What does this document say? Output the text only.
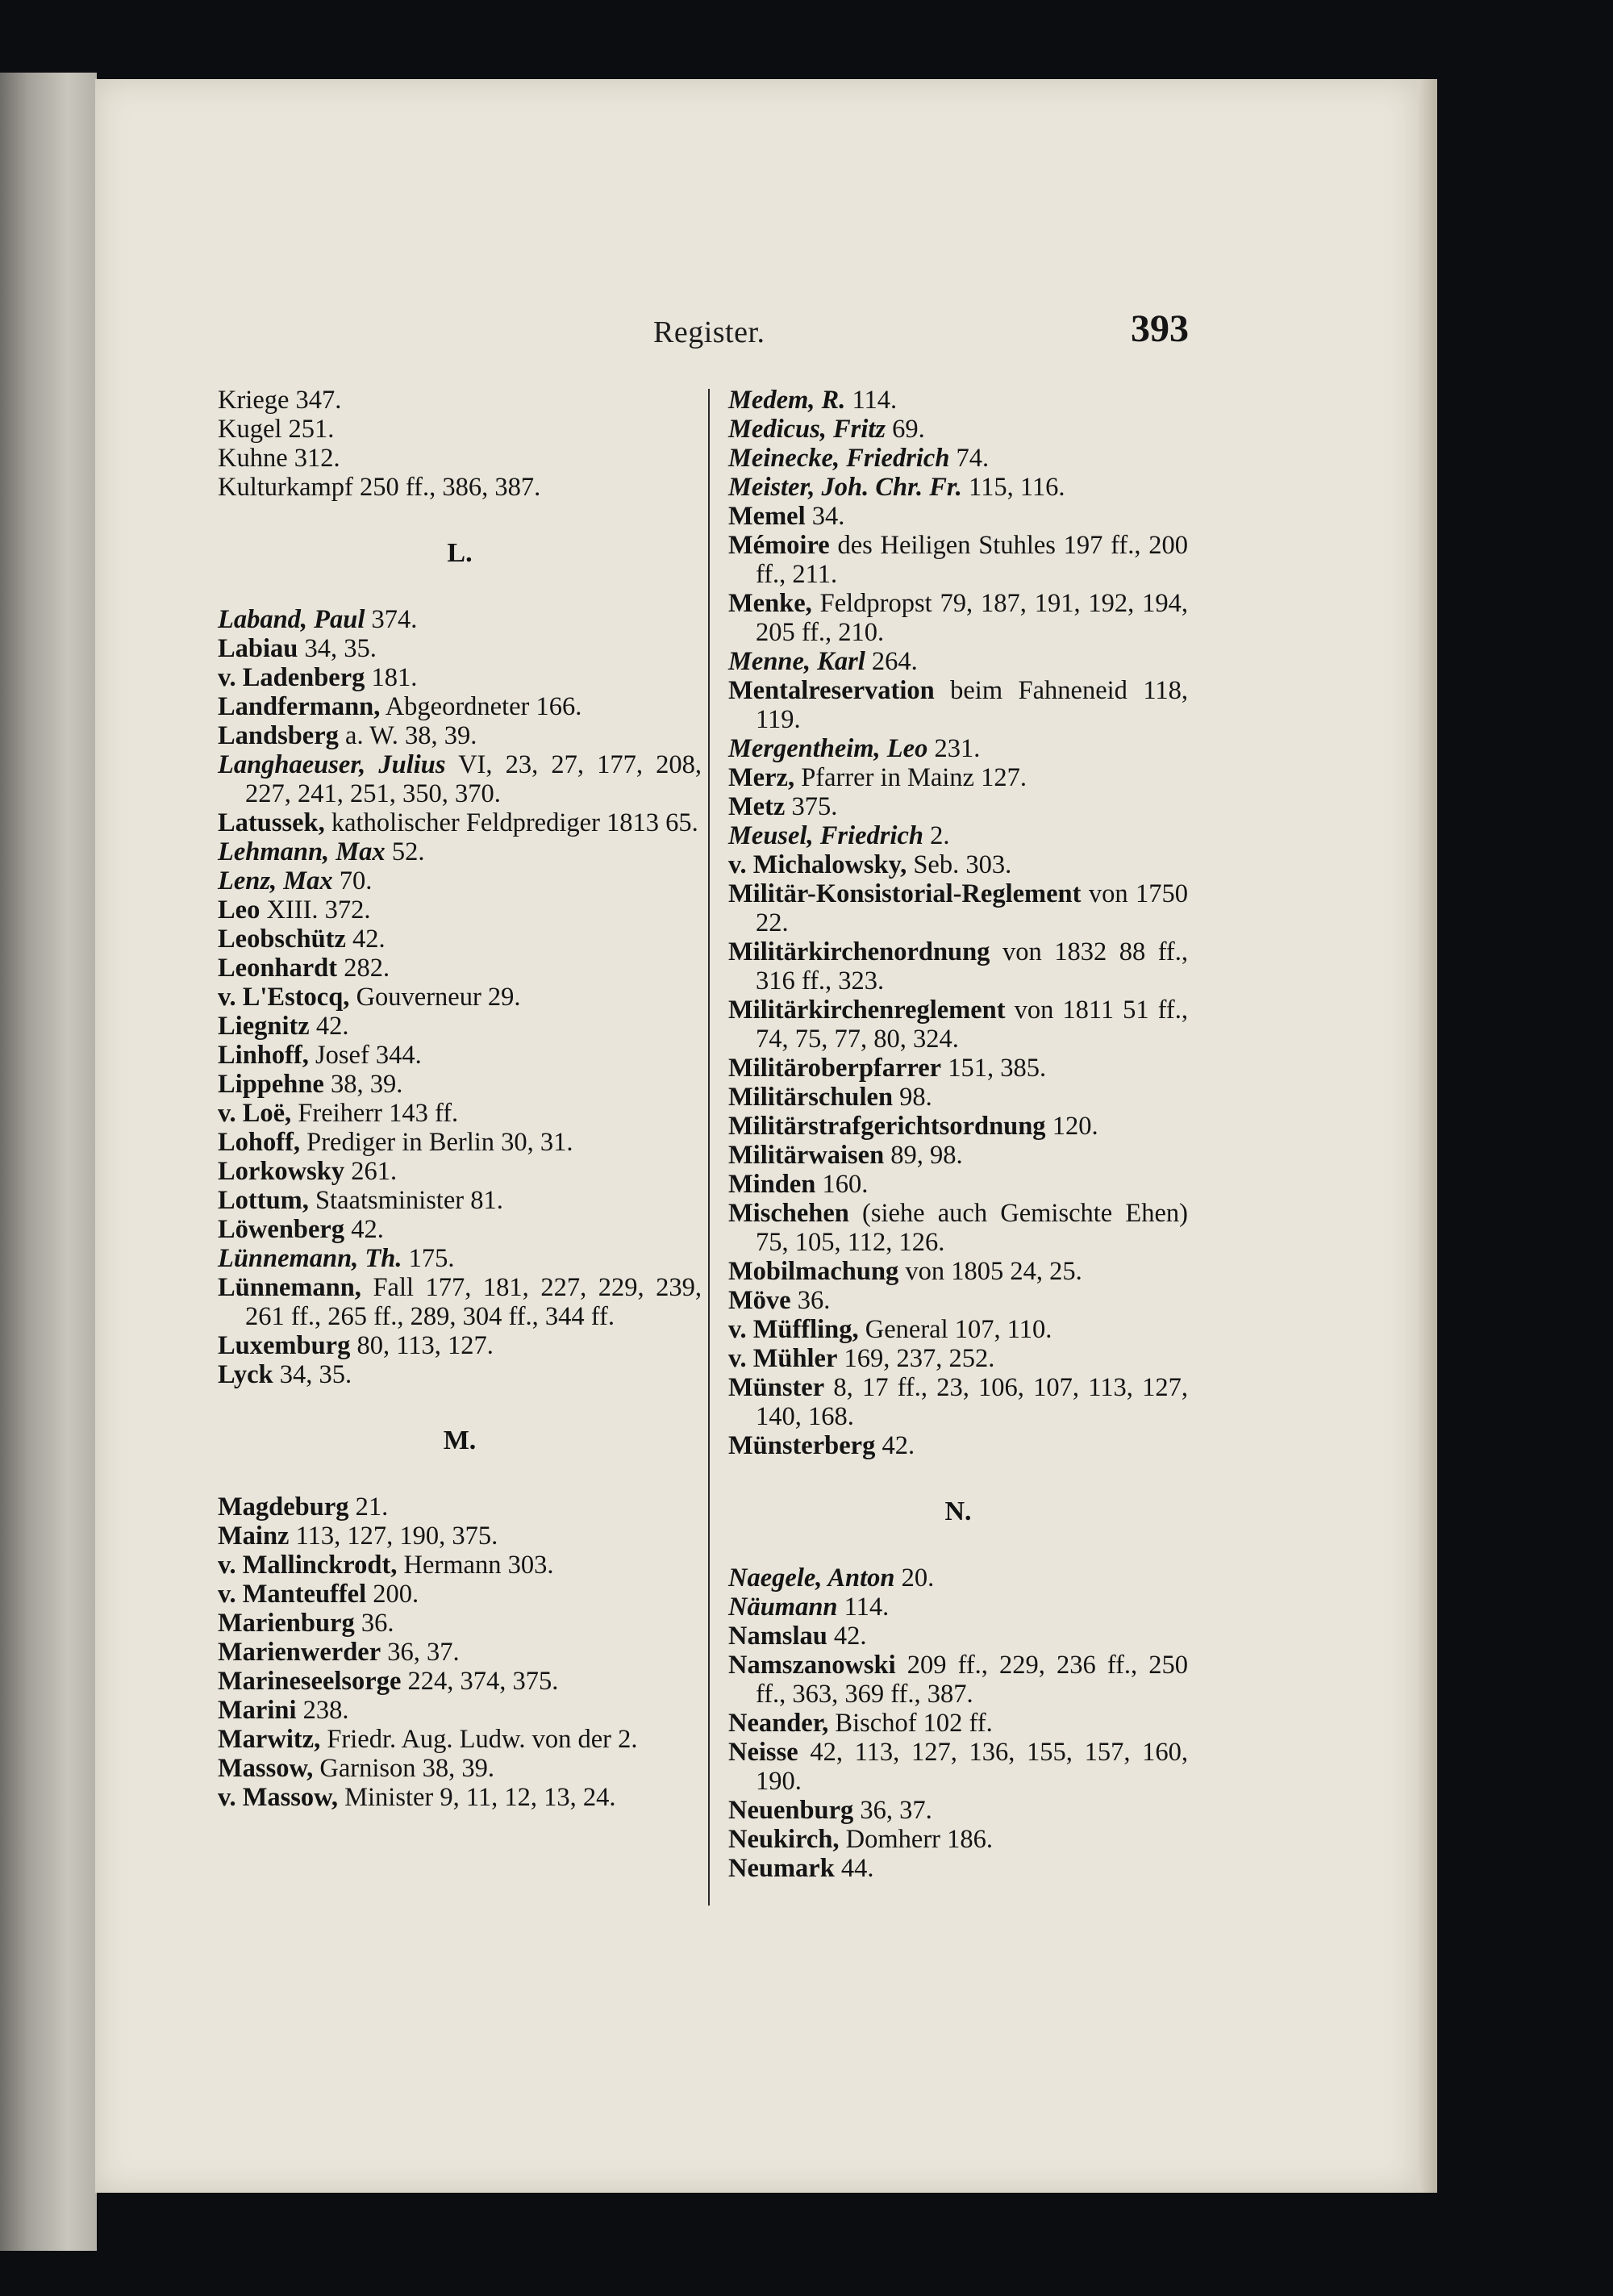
Register.	393
Kriege 347.
Kugel 251.
Kuhne 312.
Kulturkampf 250 ff., 386, 387.
L.
Laband, Paul 374.
Labiau 34, 35.
v. Ladenberg 181.
Landfermann, Abgeordneter 166.
Landsberg a. W. 38, 39.
Langhaeuser, Julius VI, 23, 27, 177, 208, 227, 241, 251, 350, 370.
Latussek, katholischer Feldprediger 1813 65.
Lehmann, Max 52.
Lenz, Max 70.
Leo XIII. 372.
Leobschütz 42.
Leonhardt 282.
v. L'Estocq, Gouverneur 29.
Liegnitz 42.
Linhoff, Josef 344.
Lippehne 38, 39.
v. Loë, Freiherr 143 ff.
Lohoff, Prediger in Berlin 30, 31.
Lorkowsky 261.
Lottum, Staatsminister 81.
Löwenberg 42.
Lünnemann, Th. 175.
Lünnemann, Fall 177, 181, 227, 229, 239, 261 ff., 265 ff., 289, 304 ff., 344 ff.
Luxemburg 80, 113, 127.
Lyck 34, 35.
M.
Magdeburg 21.
Mainz 113, 127, 190, 375.
v. Mallinckrodt, Hermann 303.
v. Manteuffel 200.
Marienburg 36.
Marienwerder 36, 37.
Marineseelsorge 224, 374, 375.
Marini 238.
Marwitz, Friedr. Aug. Ludw. von der 2.
Massow, Garnison 38, 39.
v. Massow, Minister 9, 11, 12, 13, 24.
Medem, R. 114.
Medicus, Fritz 69.
Meinecke, Friedrich 74.
Meister, Joh. Chr. Fr. 115, 116.
Memel 34.
Mémoire des Heiligen Stuhles 197 ff., 200 ff., 211.
Menke, Feldpropst 79, 187, 191, 192, 194, 205 ff., 210.
Menne, Karl 264.
Mentalreservation beim Fahneneid 118, 119.
Mergentheim, Leo 231.
Merz, Pfarrer in Mainz 127.
Metz 375.
Meusel, Friedrich 2.
v. Michalowsky, Seb. 303.
Militär-Konsistorial-Reglement von 1750 22.
Militärkirchenordnung von 1832 88 ff., 316 ff., 323.
Militärkirchenreglement von 1811 51 ff., 74, 75, 77, 80, 324.
Militäroberpfarrer 151, 385.
Militärschulen 98.
Militärstrafgerichtsordnung 120.
Militärwaisen 89, 98.
Minden 160.
Mischehen (siehe auch Gemischte Ehen) 75, 105, 112, 126.
Mobilmachung von 1805 24, 25.
Möve 36.
v. Müffling, General 107, 110.
v. Mühler 169, 237, 252.
Münster 8, 17 ff., 23, 106, 107, 113, 127, 140, 168.
Münsterberg 42.
N.
Naegele, Anton 20.
Näumann 114.
Namslau 42.
Namszanowski 209 ff., 229, 236 ff., 250 ff., 363, 369 ff., 387.
Neander, Bischof 102 ff.
Neisse 42, 113, 127, 136, 155, 157, 160, 190.
Neuenburg 36, 37.
Neukirch, Domherr 186.
Neumark 44.
